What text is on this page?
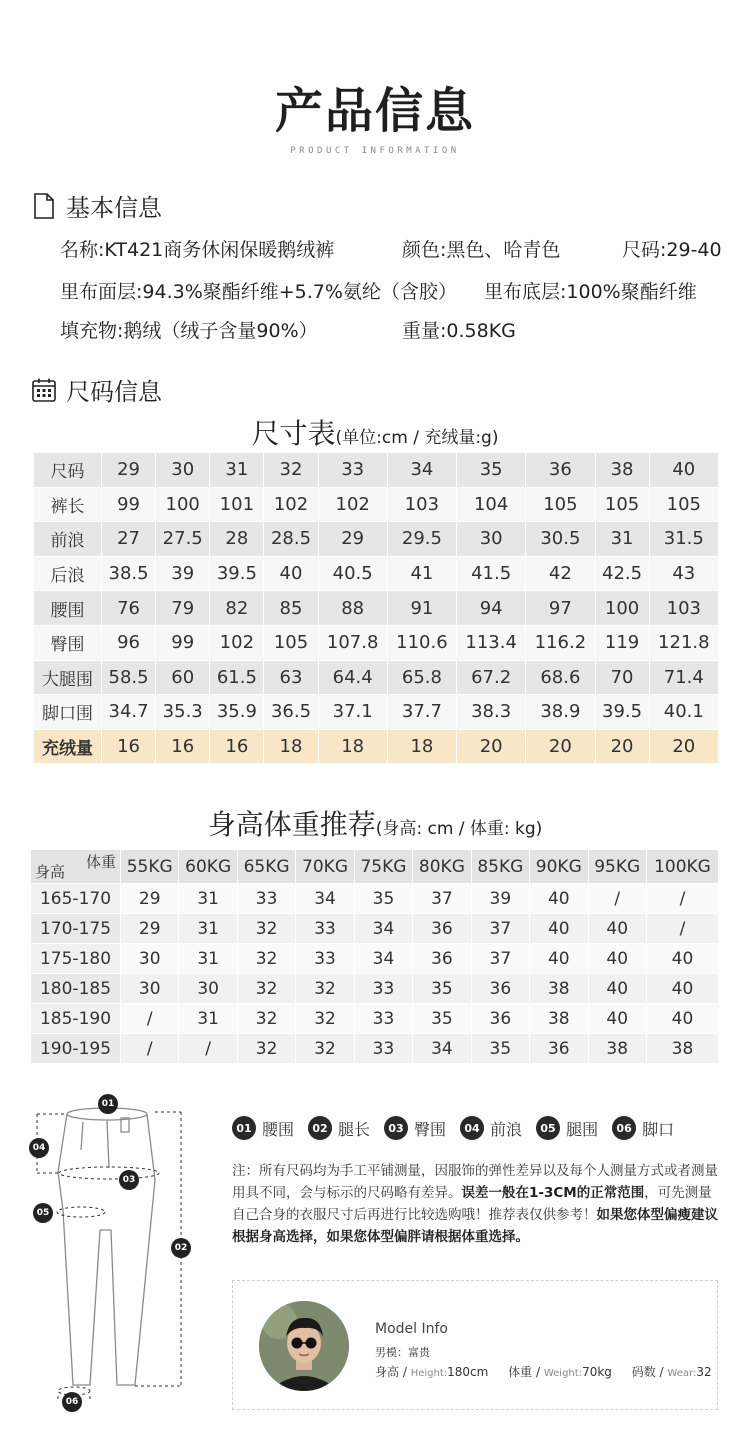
产品信息
PRODUCT INFORMATION
基本信息
名称:KT421商务休闲保暖鹅绒裤	颜色:黑色、哈青色	尺码:29-40
里布面层:94.3%聚酯纤维+5.7%氨纶（含胶） 里布底层:100%聚酯纤维
填充物:鹅绒（绒子含量90%）	重量:0.58KG
尺码信息
尺寸表(单位:cm / 充绒量:g)
尺码	29	30	31	32	33	34	35	36	38	40
裤长	99	100	101	102	102	103	104	105	105	105
前浪	27	27.5	28	28.5	29	29.5	30	30.5	31	31.5
后浪	38.5	39	39.5	40	40.5	41	41.5	42	42.5	43
腰围	76	79	82	85	88	91	94	97	100	103
臀围	96	99	102	105	107.8	110.6	113.4	116.2	119	121.8
大腿围	58.5	60	61.5	63	64.4	65.8	67.2	68.6	70	71.4
脚口围	34.7	35.3	35.9	36.5	37.1	37.7	38.3	38.9	39.5	40.1
充绒量	16	16	16	18	18	18	20	20	20	20
身高体重推荐(身高: cm / 体重: kg)
体重
身高	55KG	60KG	65KG	70KG	75KG	80KG	85KG	90KG	95KG	100KG
165-170	29	31	33	34	35	37	39	40	/	/
170-175	29	31	32	33	34	36	37	40	40	/
175-180	30	31	32	33	34	36	37	40	40	40
180-185	30	30	32	32	33	35	36	38	40	40
185-190	/	31	32	32	33	35	36	38	40	40
190-195	/	/	32	32	33	34	35	36	38	38
01
02
03
04
05
06
01 腰围	02 腿长	03 臀围	04 前浪	05 腿围	06 脚口
注：所有尺码均为手工平铺测量，因服饰的弹性差异以及每个人测量方式或者测量用具不同，会与标示的尺码略有差异。误差一般在1-3CM的正常范围，可先测量自己合身的衣服尺寸后再进行比较选购哦！推荐表仅供参考！如果您体型偏瘦建议根据身高选择，如果您体型偏胖请根据体重选择。
Model Info
男模：富贵
身高 / Height:180cm 体重 / Weight:70kg 码数 / Wear:32
